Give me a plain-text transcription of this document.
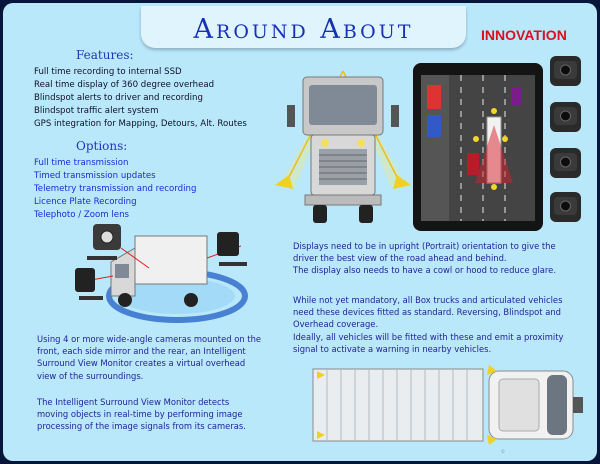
Around About	INNOVATION
Features:
Full time recording to internal SSD
Real time display of 360 degree overhead
Blindspot alerts to driver and recording
Blindspot traffic alert system
GPS integration for Mapping, Detours, Alt. Routes
Options:
Full time transmission
Timed transmission updates
Telemetry transmission and recording
Licence Plate Recording
Telephoto / Zoom lens
Displays need to be in upright (Portrait) orientation to give the
driver the best view of the road ahead and behind.
The display also needs to have a cowl or hood to reduce glare.
While not yet mandatory, all Box trucks and articulated vehicles
need these devices fitted as standard. Reversing, Blindspot and
Overhead coverage.
Ideally, all vehicles will be fitted with these and emit a proximity
signal to activate a warning in nearby vehicles.
Using 4 or more wide-angle cameras mounted on the
front, each side mirror and the rear, an Intelligent
Surround View Monitor creates a virtual overhead
view of the surroundings.
The Intelligent Surround View Monitor detects
moving objects in real-time by performing image
processing of the image signals from its cameras.
©
